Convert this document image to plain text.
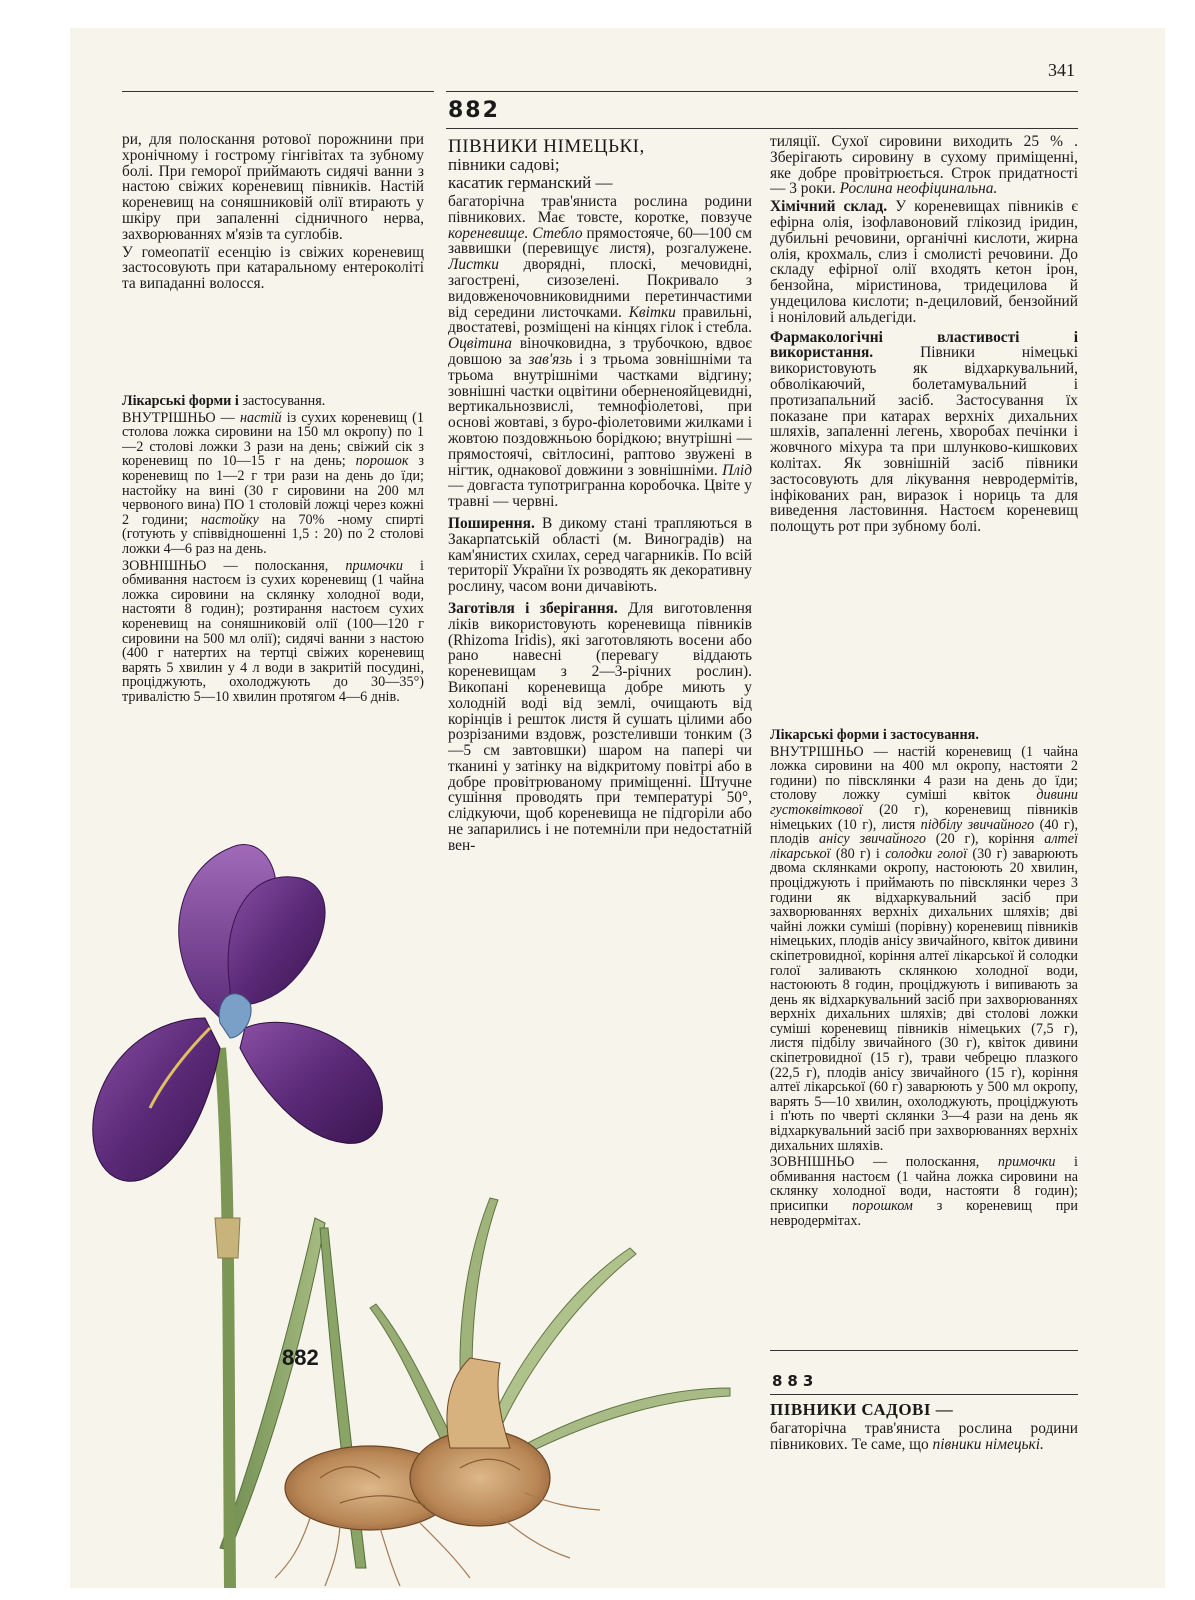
341
882

ри, для полоскання ротової порожнини при хронічному і гострому гінгівітах та зубному болі. При геморої приймають сидячі ванни з настою свіжих кореневищ півників. Настій кореневищ на соняшниковій олії втирають у шкіру при запаленні сідничного нерва, захворюваннях м'язів та суглобів.

У гомеопатії есенцію із свіжих кореневищ застосовують при катаральному ентероколіті та випаданні волосся.

Лікарські форми і застосування.

ВНУТРІШНЬО — настій із сухих кореневищ (1 столова ложка сировини на 150 мл окропу) по 1—2 столові ложки 3 рази на день; свіжий сік з кореневищ по 10—15 г на день; порошок з кореневищ по 1—2 г три рази на день до їди; настойку на вині (30 г сировини на 200 мл червоного вина) ПО 1 столовій ложці через кожні 2 години; настойку на 70% -ному спирті (готують у співвідношенні 1,5 : 20) по 2 столові ложки 4—6 раз на день.

ЗОВНІШНЬО — полоскання, примочки і обмивання настоєм із сухих кореневищ (1 чайна ложка сировини на склянку холодної води, настояти 8 годин); розтирання настоєм сухих кореневищ на соняшниковій олії (100—120 г сировини на 500 мл олії); сидячі ванни з настою (400 г натертих на тертці свіжих кореневищ варять 5 хвилин у 4 л води в закритій посудині, проціджують, охолоджують до 30—35°) тривалістю 5—10 хвилин протягом 4—6 днів.

ПІВНИКИ НІМЕЦЬКІ,
півники садові;
касатик германский —

багаторічна трав'яниста рослина родини півникових. Має товсте, коротке, повзуче кореневище. Стебло прямостояче, 60—100 см заввишки (перевищує листя), розгалужене. Листки дворядні, плоскі, мечовидні, загострені, сизозелені. Покривало з видовженочовниковидними перетинчастими від середини листочками. Квітки правильні, двостатеві, розміщені на кінцях гілок і стебла. Оцвітина віночковидна, з трубочкою, вдвоє довшою за зав'язь і з трьома зовнішніми та трьома внутрішніми частками відгину; зовнішні частки оцвітини оберненояйцевидні, вертикальнозвислі, темнофіолетові, при основі жовтаві, з буро-фіолетовими жилками і жовтою поздовжньою борідкою; внутрішні — прямостоячі, світлосині, раптово звужені в нігтик, однакової довжини з зовнішніми. Плід — довгаста тупотригранна коробочка. Цвіте у травні — червні.

Поширення. В дикому стані трапляються в Закарпатській області (м. Виноградів) на кам'янистих схилах, серед чагарників. По всій території України їх розводять як декоративну рослину, часом вони дичавіють.

Заготівля і зберігання. Для виготовлення ліків використовують кореневища півників (Rhizoma Iridis), які заготовляють восени або рано навесні (перевагу віддають кореневищам з 2—3-річних рослин). Викопані кореневища добре миють у холодній воді від землі, очищають від корінців і решток листя й сушать цілими або розрізаними вздовж, розстеливши тонким (3—5 см завтовшки) шаром на папері чи тканині у затінку на відкритому повітрі або в добре провітрюваному приміщенні. Штучне сушіння проводять при температурі 50°, слідкуючи, щоб кореневища не підгоріли або не запарились і не потемніли при недостатній вен-

тиляції. Сухої сировини виходить 25 % . Зберігають сировину в сухому приміщенні, яке добре провітрюється. Строк придатності — 3 роки. Рослина неофіцинальна.

Хімічний склад. У кореневищах півників є ефірна олія, ізофлавоновий глікозид іридин, дубильні речовини, органічні кислоти, жирна олія, крохмаль, слиз і смолисті речовини. До складу ефірної олії входять кетон ірон, бензойна, міристинова, тридецилова й ундецилова кислоти; n-дециловий, бензойний і ноніловий альдегіди.

Фармакологічні властивості і використання. Півники німецькі використовують як відхаркувальний, обволікаючий, болетамувальний і протизапальний засіб. Застосування їх показане при катарах верхніх дихальних шляхів, запаленні легень, хворобах печінки і жовчного міхура та при шлунково-кишкових колітах. Як зовнішній засіб півники застосовують для лікування невродермітів, інфікованих ран, виразок і нориць та для виведення ластовиння. Настоєм кореневищ полощуть рот при зубному болі.

Лікарські форми і застосування.

ВНУТРІШНЬО — настій кореневищ (1 чайна ложка сировини на 400 мл окропу, настояти 2 години) по півсклянки 4 рази на день до їди; столову ложку суміші квіток дивини густоквіткової (20 г), кореневищ півників німецьких (10 г), листя підбілу звичайного (40 г), плодів анісу звичайного (20 г), коріння алтеї лікарської (80 г) і солодки голої (30 г) заварюють двома склянками окропу, настоюють 20 хвилин, проціджують і приймають по півсклянки через 3 години як відхаркувальний засіб при захворюваннях верхніх дихальних шляхів; дві чайні ложки суміші (порівну) кореневищ півників німецьких, плодів анісу звичайного, квіток дивини скіпетровидної, коріння алтеї лікарської й солодки голої заливають склянкою холодної води, настоюють 8 годин, проціджують і випивають за день як відхаркувальний засіб при захворюваннях верхніх дихальних шляхів; дві столові ложки суміші кореневищ півників німецьких (7,5 г), листя підбілу звичайного (30 г), квіток дивини скіпетровидної (15 г), трави чебрецю плазкого (22,5 г), плодів анісу звичайного (15 г), коріння алтеї лікарської (60 г) заварюють у 500 мл окропу, варять 5—10 хвилин, охолоджують, проціджують і п'ють по чверті склянки 3—4 рази на день як відхаркувальний засіб при захворюваннях верхніх дихальних шляхів.

ЗОВНІШНЬО — полоскання, примочки і обмивання настоєм (1 чайна ложка сировини на склянку холодної води, настояти 8 годин); присипки порошком з кореневищ при невродермітах.

883

ПІВНИКИ САДОВІ —

багаторічна трав'яниста рослина родини півникових. Те саме, що півники німецькі.

882
